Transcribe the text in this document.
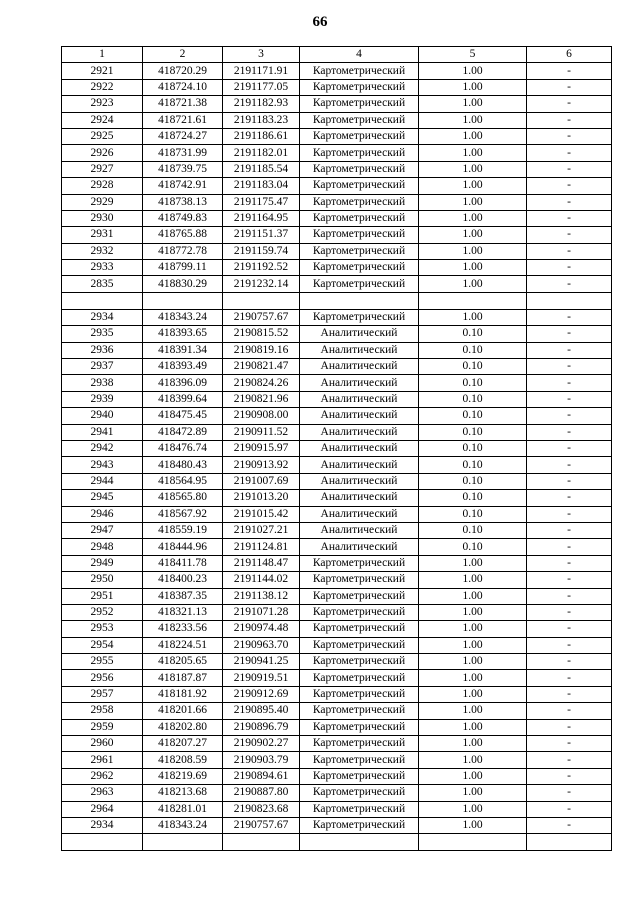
66
1	2	3	4	5	6
2921	418720.29	2191171.91	Картометрический	1.00	-
2922	418724.10	2191177.05	Картометрический	1.00	-
2923	418721.38	2191182.93	Картометрический	1.00	-
2924	418721.61	2191183.23	Картометрический	1.00	-
2925	418724.27	2191186.61	Картометрический	1.00	-
2926	418731.99	2191182.01	Картометрический	1.00	-
2927	418739.75	2191185.54	Картометрический	1.00	-
2928	418742.91	2191183.04	Картометрический	1.00	-
2929	418738.13	2191175.47	Картометрический	1.00	-
2930	418749.83	2191164.95	Картометрический	1.00	-
2931	418765.88	2191151.37	Картометрический	1.00	-
2932	418772.78	2191159.74	Картометрический	1.00	-
2933	418799.11	2191192.52	Картометрический	1.00	-
2835	418830.29	2191232.14	Картометрический	1.00	-

2934	418343.24	2190757.67	Картометрический	1.00	-
2935	418393.65	2190815.52	Аналитический	0.10	-
2936	418391.34	2190819.16	Аналитический	0.10	-
2937	418393.49	2190821.47	Аналитический	0.10	-
2938	418396.09	2190824.26	Аналитический	0.10	-
2939	418399.64	2190821.96	Аналитический	0.10	-
2940	418475.45	2190908.00	Аналитический	0.10	-
2941	418472.89	2190911.52	Аналитический	0.10	-
2942	418476.74	2190915.97	Аналитический	0.10	-
2943	418480.43	2190913.92	Аналитический	0.10	-
2944	418564.95	2191007.69	Аналитический	0.10	-
2945	418565.80	2191013.20	Аналитический	0.10	-
2946	418567.92	2191015.42	Аналитический	0.10	-
2947	418559.19	2191027.21	Аналитический	0.10	-
2948	418444.96	2191124.81	Аналитический	0.10	-
2949	418411.78	2191148.47	Картометрический	1.00	-
2950	418400.23	2191144.02	Картометрический	1.00	-
2951	418387.35	2191138.12	Картометрический	1.00	-
2952	418321.13	2191071.28	Картометрический	1.00	-
2953	418233.56	2190974.48	Картометрический	1.00	-
2954	418224.51	2190963.70	Картометрический	1.00	-
2955	418205.65	2190941.25	Картометрический	1.00	-
2956	418187.87	2190919.51	Картометрический	1.00	-
2957	418181.92	2190912.69	Картометрический	1.00	-
2958	418201.66	2190895.40	Картометрический	1.00	-
2959	418202.80	2190896.79	Картометрический	1.00	-
2960	418207.27	2190902.27	Картометрический	1.00	-
2961	418208.59	2190903.79	Картометрический	1.00	-
2962	418219.69	2190894.61	Картометрический	1.00	-
2963	418213.68	2190887.80	Картометрический	1.00	-
2964	418281.01	2190823.68	Картометрический	1.00	-
2934	418343.24	2190757.67	Картометрический	1.00	-
